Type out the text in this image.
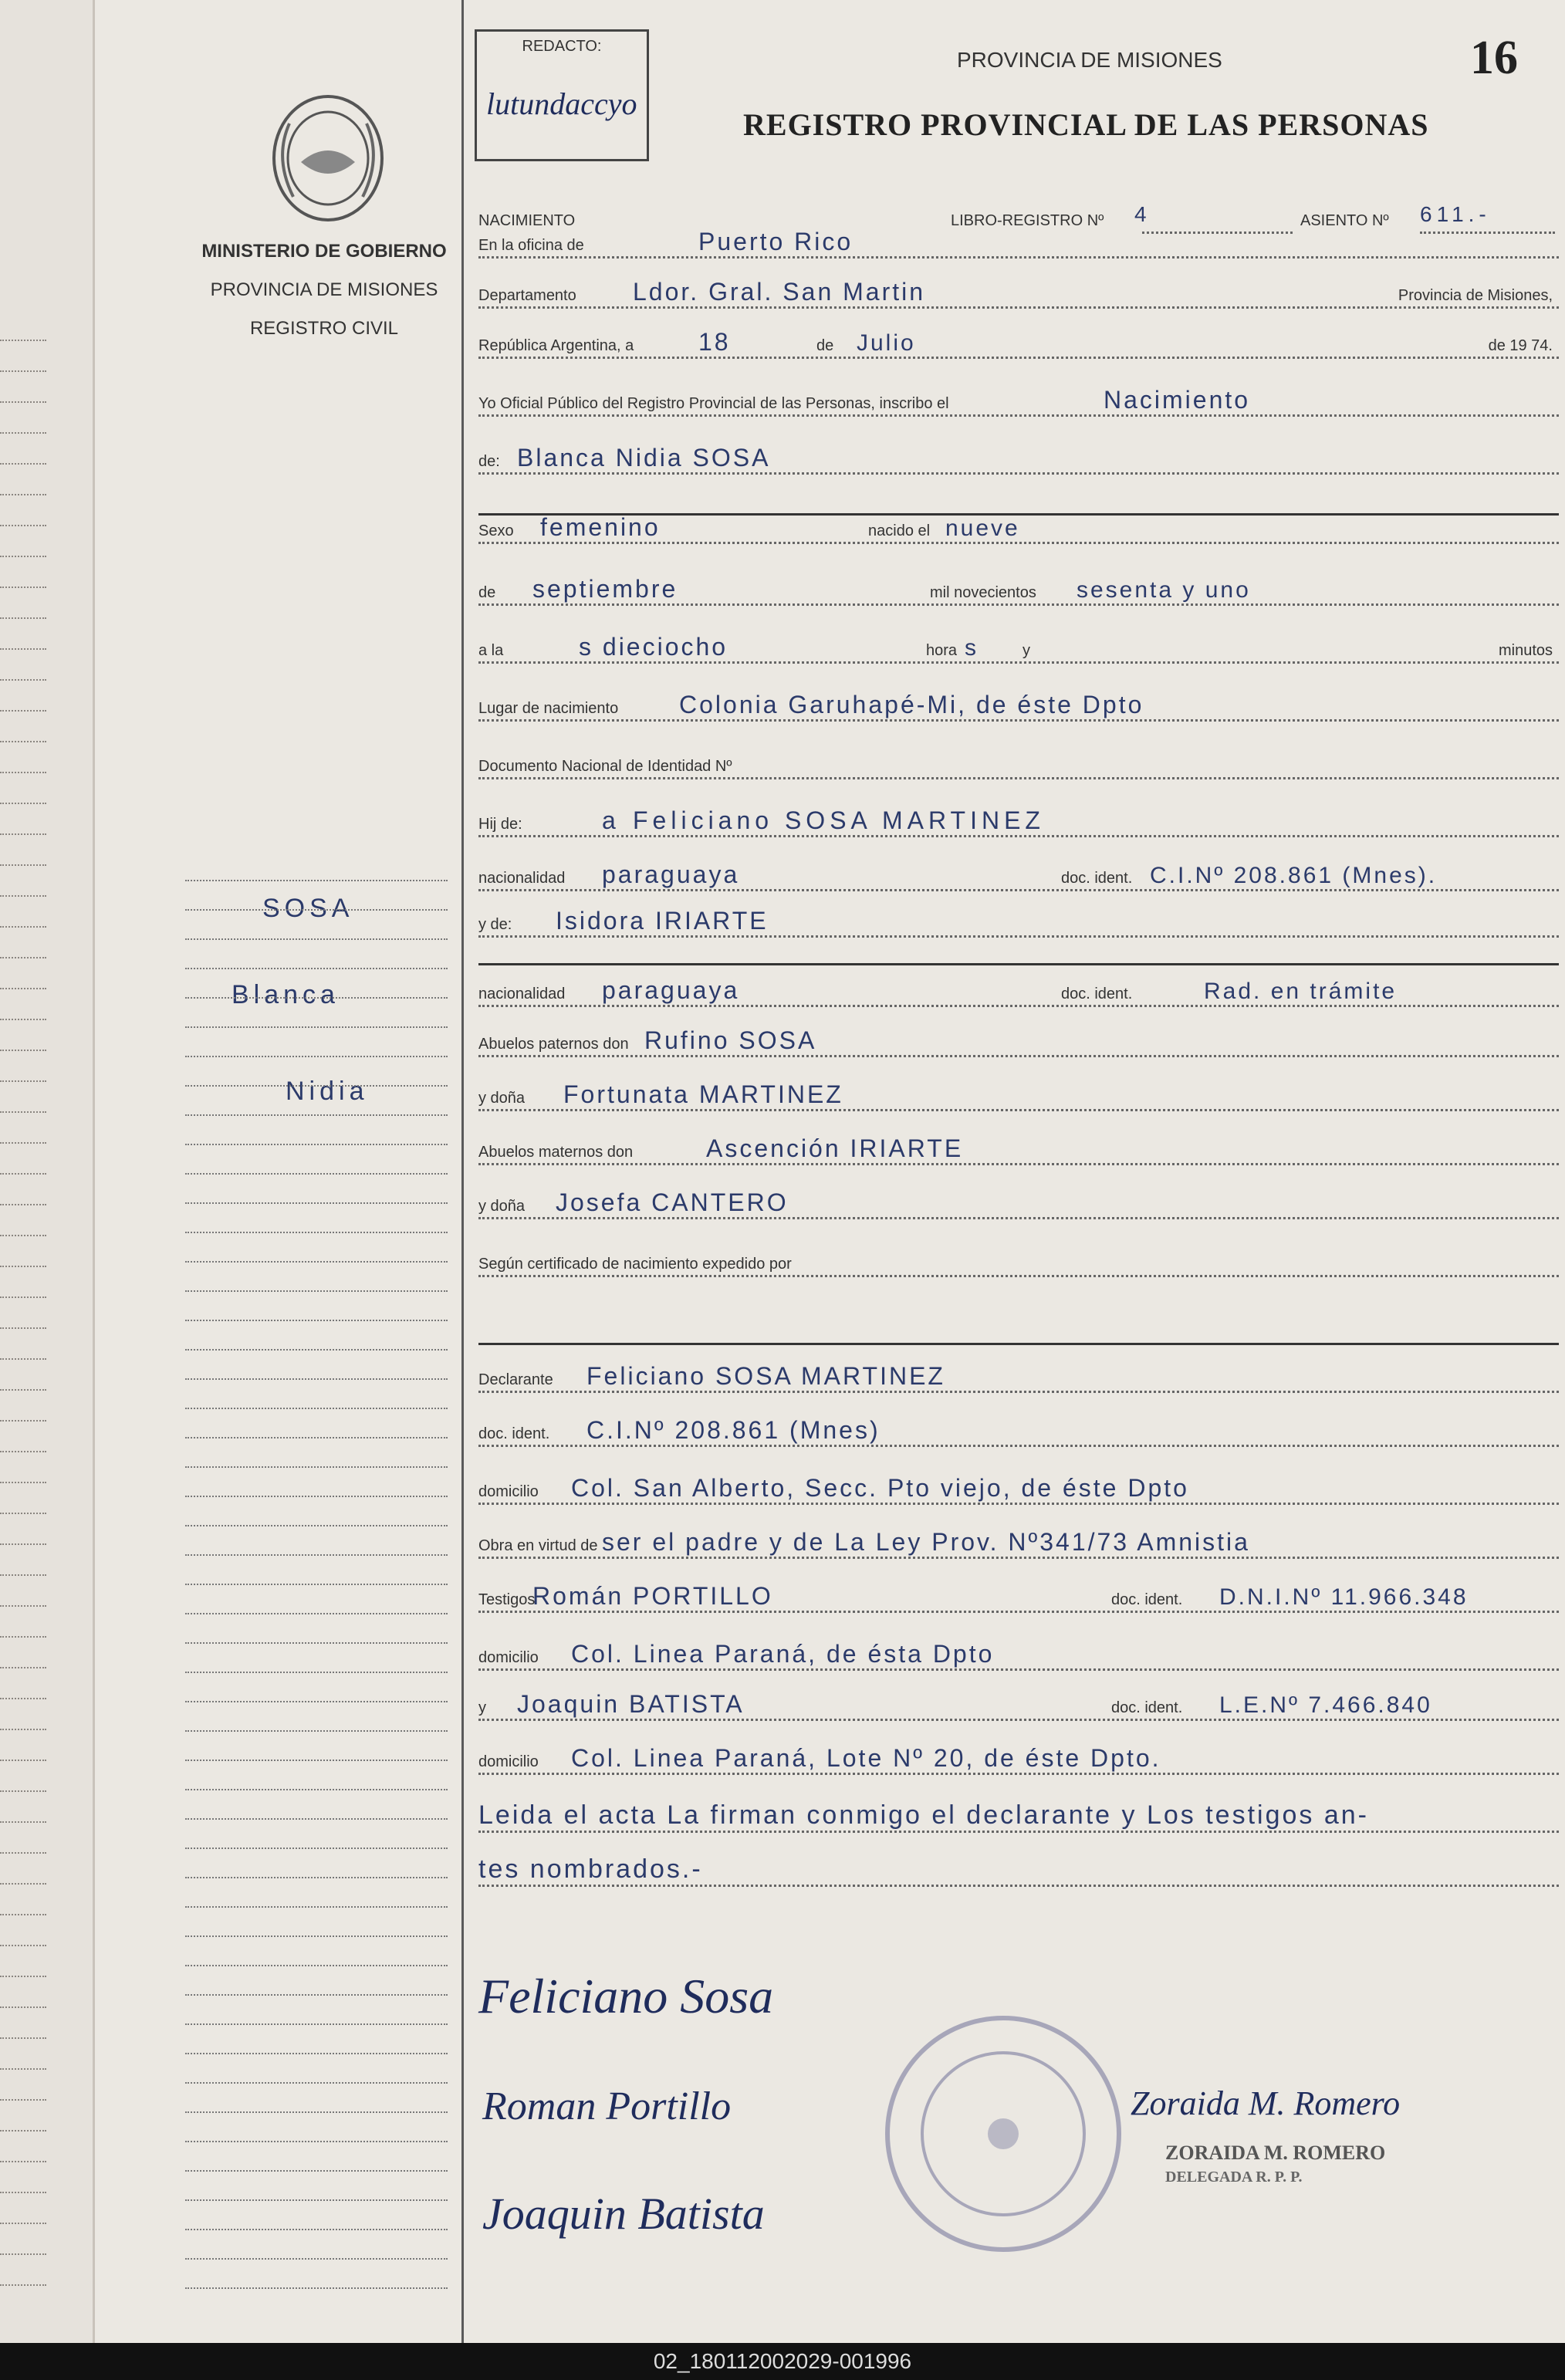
MINISTERIO DE GOBIERNO
PROVINCIA DE MISIONES
REGISTRO CIVIL
SOSA
Blanca
Nidia
REDACTO:
lutundaccyo
PROVINCIA DE MISIONES
REGISTRO PROVINCIAL DE LAS PERSONAS
16
NACIMIENTO	LIBRO-REGISTRO Nº 4	ASIENTO Nº 611.-
En la oficina de	Puerto Rico
Departamento Ldor. Gral. San Martin	Provincia de Misiones,
República Argentina, a	18	de Julio	de 19 74.
Yo Oficial Público del Registro Provincial de las Personas, inscribo el	Nacimiento
de: Blanca Nidia SOSA
Sexo femenino	nacido el nueve
de septiembre	mil novecientos sesenta y uno
a la	s dieciocho	hora s	y	minutos
Lugar de nacimiento Colonia Garuhapé-Mi, de éste Dpto
Documento Nacional de Identidad Nº
Hij de:	a Feliciano SOSA MARTINEZ
nacionalidad paraguaya	doc. ident. C.I.Nº 208.861 (Mnes).
y de: Isidora IRIARTE
nacionalidad paraguaya	doc. ident.	Rad. en trámite
Abuelos paternos don Rufino SOSA
y doña Fortunata MARTINEZ
Abuelos maternos don	Ascención IRIARTE
y doña Josefa CANTERO
Según certificado de nacimiento expedido por
Declarante Feliciano SOSA MARTINEZ
doc. ident. C.I.Nº 208.861 (Mnes)
domicilio Col. San Alberto, Secc. Pto viejo, de éste Dpto
Obra en virtud de ser el padre y de La Ley Prov. Nº341/73 Amnistia
Testigos
Román PORTILLO	doc. ident. D.N.I.Nº 11.966.348
domicilio Col. Linea Paraná, de ésta Dpto
y Joaquin BATISTA	doc. ident. L.E.Nº 7.466.840
domicilio Col. Linea Paraná, Lote Nº 20, de éste Dpto.
Leida el acta La firman conmigo el declarante y Los testigos an-
tes nombrados.-
Feliciano Sosa
Roman Portillo
Joaquin Batista
Zoraida M. Romero
ZORAIDA M. ROMERO
DELEGADA R. P. P.
02_180112002029-001996
